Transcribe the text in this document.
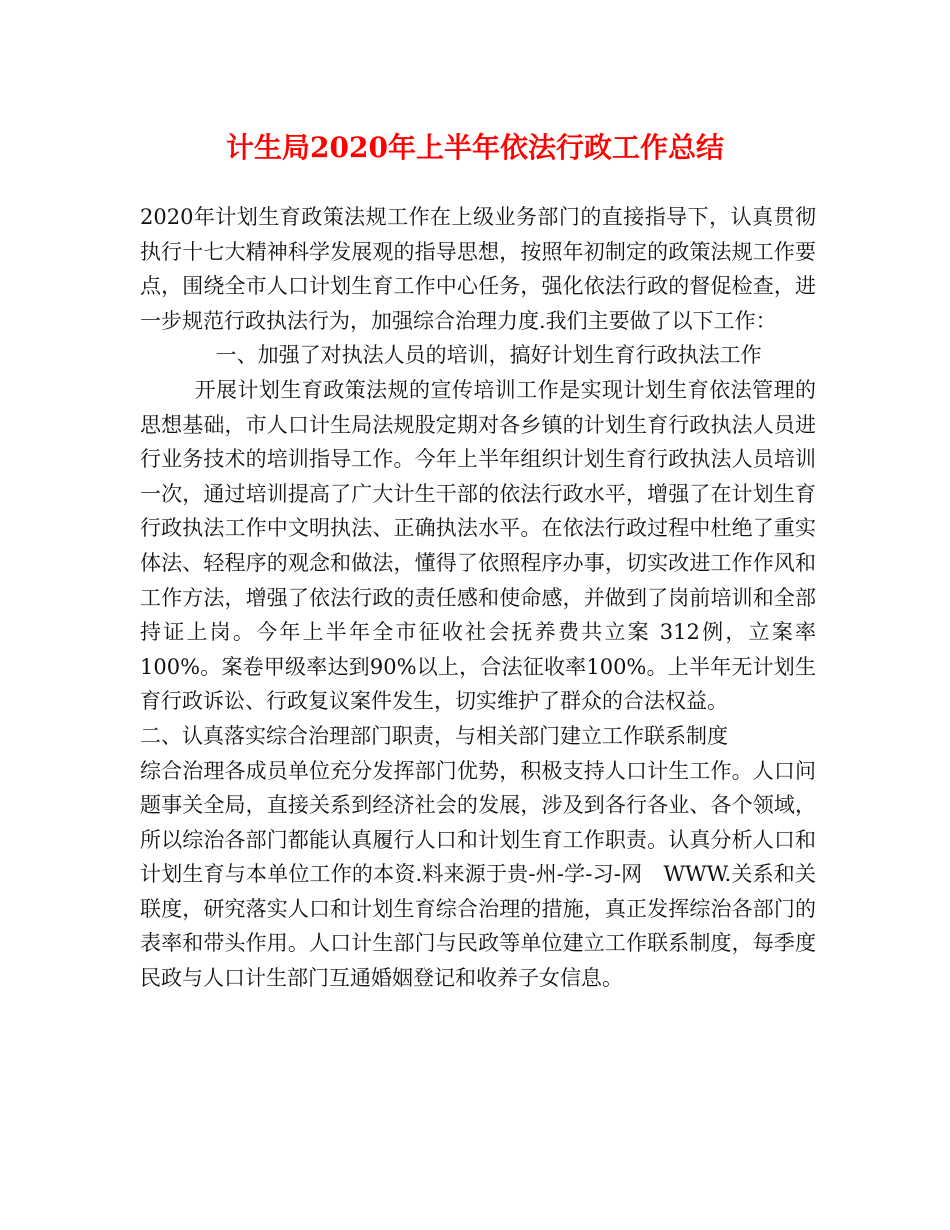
计生局2020年上半年依法行政工作总结

2020年计划生育政策法规工作在上级业务部门的直接指导下，认真贯彻执行十七大精神科学发展观的指导思想，按照年初制定的政策法规工作要点，围绕全市人口计划生育工作中心任务，强化依法行政的督促检查，进一步规范行政执法行为，加强综合治理力度.我们主要做了以下工作：

一、加强了对执法人员的培训，搞好计划生育行政执法工作

开展计划生育政策法规的宣传培训工作是实现计划生育依法管理的思想基础，市人口计生局法规股定期对各乡镇的计划生育行政执法人员进行业务技术的培训指导工作。今年上半年组织计划生育行政执法人员培训一次，通过培训提高了广大计生干部的依法行政水平，增强了在计划生育行政执法工作中文明执法、正确执法水平。在依法行政过程中杜绝了重实体法、轻程序的观念和做法，懂得了依照程序办事，切实改进工作作风和工作方法，增强了依法行政的责任感和使命感，并做到了岗前培训和全部持证上岗。今年上半年全市征收社会抚养费共立案 312例，立案率100%。案卷甲级率达到90%以上，合法征收率100%。上半年无计划生育行政诉讼、行政复议案件发生，切实维护了群众的合法权益。

二、认真落实综合治理部门职责，与相关部门建立工作联系制度

综合治理各成员单位充分发挥部门优势，积极支持人口计生工作。人口问题事关全局，直接关系到经济社会的发展，涉及到各行各业、各个领域，所以综治各部门都能认真履行人口和计划生育工作职责。认真分析人口和计划生育与本单位工作的本资.料来源于贵-州-学-习-网　WWW.关系和关联度，研究落实人口和计划生育综合治理的措施，真正发挥综治各部门的表率和带头作用。人口计生部门与民政等单位建立工作联系制度，每季度民政与人口计生部门互通婚姻登记和收养子女信息。
